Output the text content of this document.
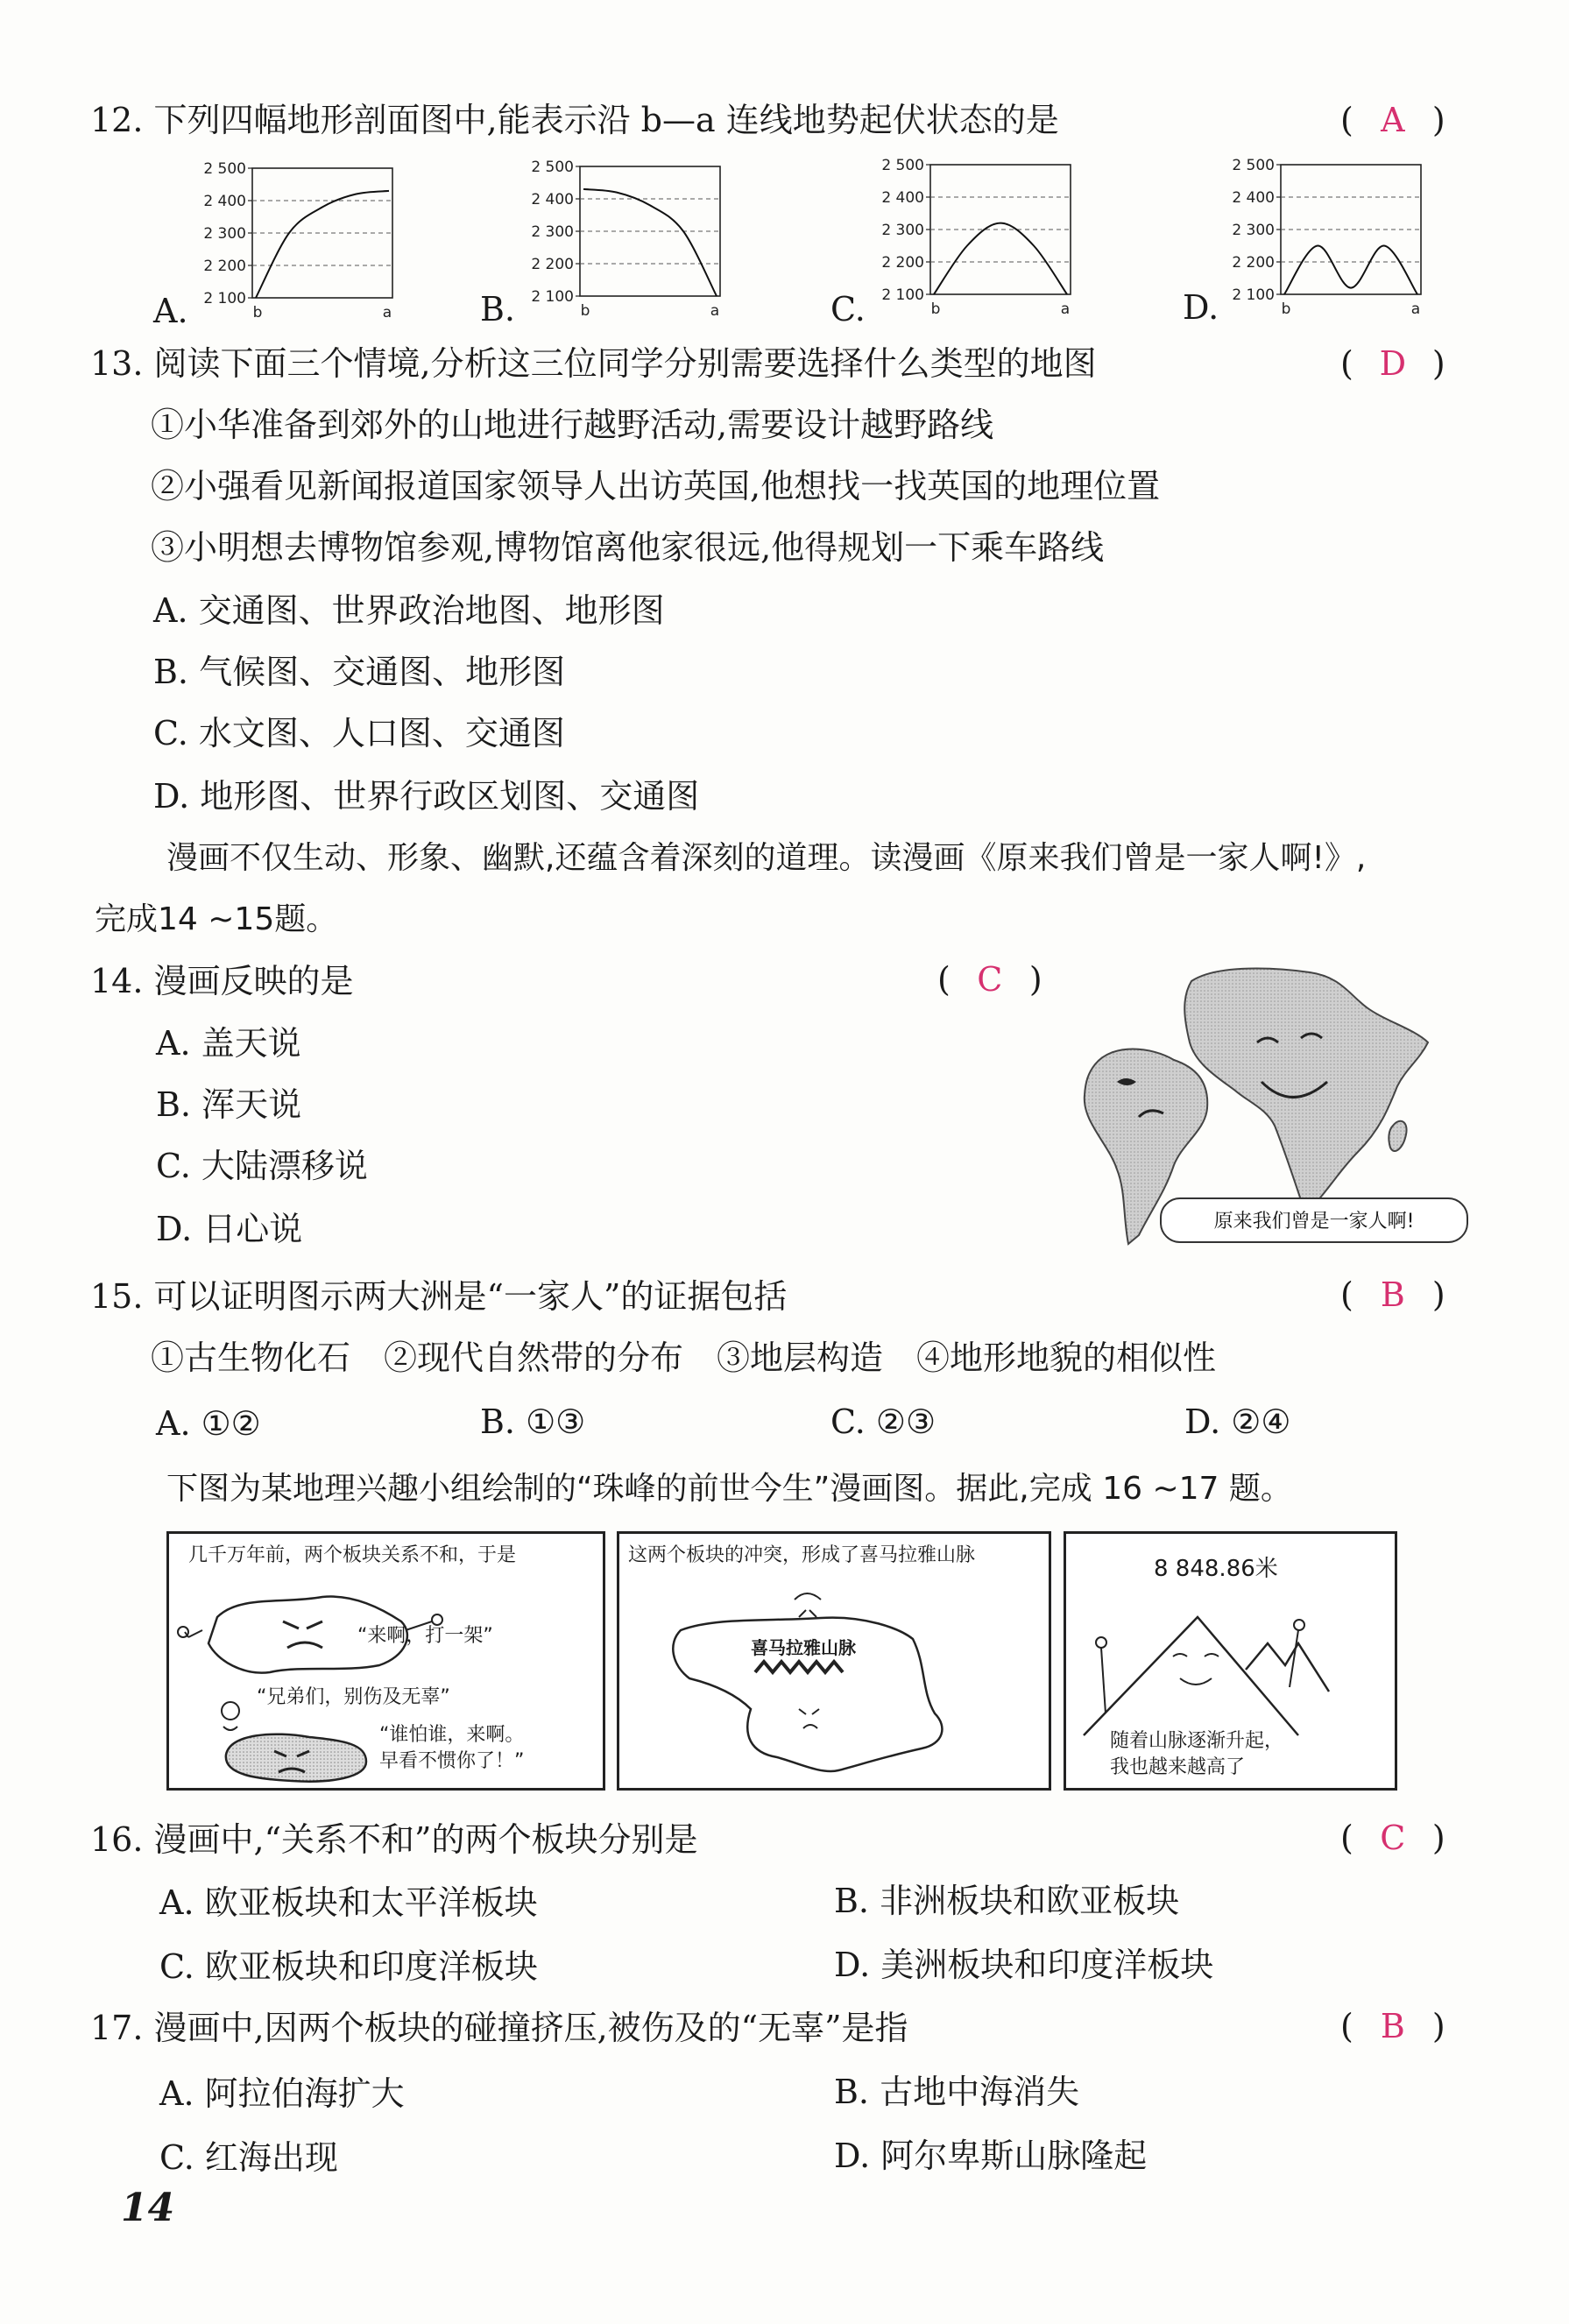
12. 下列四幅地形剖面图中,能表示沿 b—a 连线地势起伏状态的是	( A )
A.	B.	C.	D.
2 500
2 400
2 300
2 200
2 100
b	a
2 500
2 400
2 300
2 200
2 100
b	a
2 500
2 400
2 300
2 200
2 100
b	a
2 500
2 400
2 300
2 200
2 100
b	a
13. 阅读下面三个情境,分析这三位同学分别需要选择什么类型的地图	( D )
①小华准备到郊外的山地进行越野活动,需要设计越野路线
②小强看见新闻报道国家领导人出访英国,他想找一找英国的地理位置
③小明想去博物馆参观,博物馆离他家很远,他得规划一下乘车路线
A. 交通图、世界政治地图、地形图
B. 气候图、交通图、地形图
C. 水文图、人口图、交通图
D. 地形图、世界行政区划图、交通图
漫画不仅生动、形象、幽默,还蕴含着深刻的道理。读漫画《原来我们曾是一家人啊!》,
完成14 ~15题。
14. 漫画反映的是	( C )
A. 盖天说
B. 浑天说
C. 大陆漂移说
D. 日心说	原来我们曾是一家人啊!
15. 可以证明图示两大洲是“一家人”的证据包括	( B )
①古生物化石　②现代自然带的分布　③地层构造　④地形地貌的相似性
A. ①②	B. ①③	C. ②③	D. ②④
下图为某地理兴趣小组绘制的“珠峰的前世今生”漫画图。据此,完成 16 ~17 题。
几千万年前，两个板块关系不和，于是
“来啊，打一架”
“兄弟们，别伤及无辜”
“谁怕谁，来啊。
早看不惯你了！”
这两个板块的冲突，形成了喜马拉雅山脉
喜马拉雅山脉
8 848.86米
随着山脉逐渐升起，
我也越来越高了
16. 漫画中,“关系不和”的两个板块分别是	( C )
A. 欧亚板块和太平洋板块	B. 非洲板块和欧亚板块
C. 欧亚板块和印度洋板块	D. 美洲板块和印度洋板块
17. 漫画中,因两个板块的碰撞挤压,被伤及的“无辜”是指	( B )
A. 阿拉伯海扩大	B. 古地中海消失
C. 红海出现	D. 阿尔卑斯山脉隆起
14
